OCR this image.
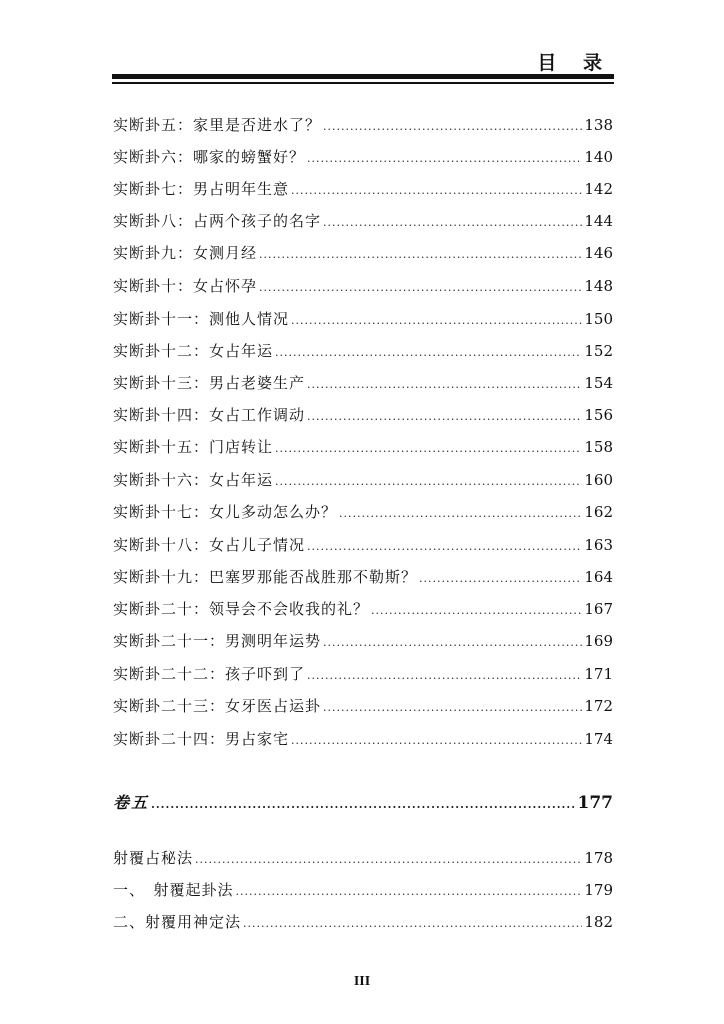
目 录
实断卦五：家里是否进水了？ .....	138
实断卦六：哪家的螃蟹好？ .....	140
实断卦七：男占明年生意 .....	142
实断卦八：占两个孩子的名字 .....	144
实断卦九：女测月经 .....	146
实断卦十：女占怀孕 .....	148
实断卦十一：测他人情况 .....	150
实断卦十二：女占年运 .....	152
实断卦十三：男占老婆生产 .....	154
实断卦十四：女占工作调动 .....	156
实断卦十五：门店转让 .....	158
实断卦十六：女占年运 .....	160
实断卦十七：女儿多动怎么办？ .....	162
实断卦十八：女占儿子情况 .....	163
实断卦十九：巴塞罗那能否战胜那不勒斯？ .....	164
实断卦二十：领导会不会收我的礼？ .....	167
实断卦二十一：男测明年运势 .....	169
实断卦二十二：孩子吓到了 .....	171
实断卦二十三：女牙医占运卦 .....	172
实断卦二十四：男占家宅 .....	174
卷五 .....	177
射覆占秘法 .....	178
一、　射覆起卦法 .....	179
二、射覆用神定法 .....	182
III
